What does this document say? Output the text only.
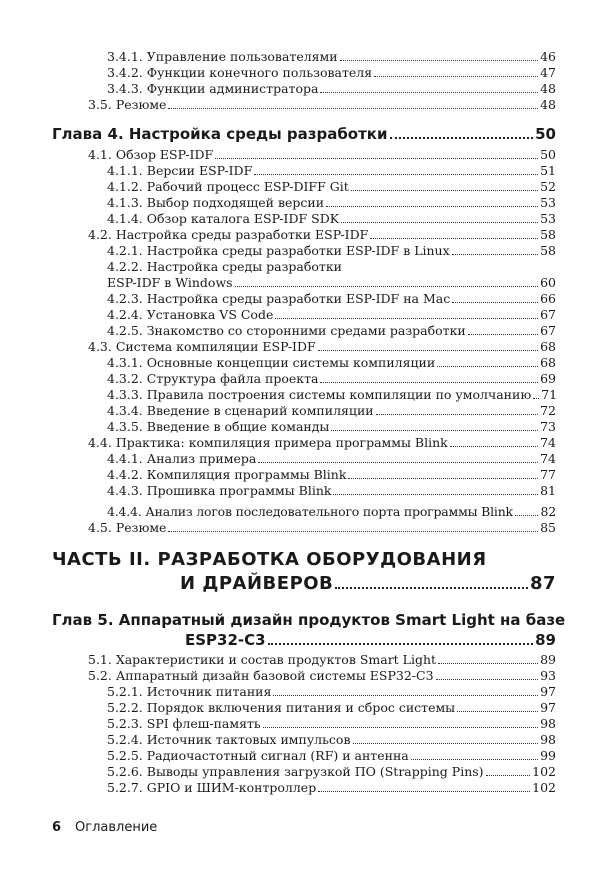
3.4.1. Управление пользователями	46
3.4.2. Функции конечного пользователя	47
3.4.3. Функции администратора	48
3.5. Резюме	48
Глава 4. Настройка среды разработки	50
4.1. Обзор ESP-IDF	50
4.1.1. Версии ESP-IDF	51
4.1.2. Рабочий процесс ESP-DIFF Git	52
4.1.3. Выбор подходящей версии	53
4.1.4. Обзор каталога ESP-IDF SDK	53
4.2. Настройка среды разработки ESP-IDF	58
4.2.1. Настройка среды разработки ESP-IDF в Linux	58
4.2.2. Настройка среды разработки
ESP-IDF в Windows	60
4.2.3. Настройка среды разработки ESP-IDF на Mac	66
4.2.4. Установка VS Code	67
4.2.5. Знакомство со сторонними средами разработки	67
4.3. Система компиляции ESP-IDF	68
4.3.1. Основные концепции системы компиляции	68
4.3.2. Структура файла проекта	69
4.3.3. Правила построения системы компиляции по умолчанию 71
4.3.4. Введение в сценарий компиляции	72
4.3.5. Введение в общие команды	73
4.4. Практика: компиляция примера программы Blink	74
4.4.1. Анализ примера	74
4.4.2. Компиляция программы Blink	77
4.4.3. Прошивка программы Blink	81
4.4.4. Анализ логов последовательного порта программы Blink 82
4.5. Резюме	85
ЧАСТЬ II. РАЗРАБОТКА ОБОРУДОВАНИЯ
И ДРАЙВЕРОВ	87
Глав 5. Аппаратный дизайн продуктов Smart Light на базе
ESP32-C3	89
5.1. Характеристики и состав продуктов Smart Light	89
5.2. Аппаратный дизайн базовой системы ESP32-C3	93
5.2.1. Источник питания	97
5.2.2. Порядок включения питания и сброс системы	97
5.2.3. SPI флеш-память	98
5.2.4. Источник тактовых импульсов	98
5.2.5. Радиочастотный сигнал (RF) и антенна	99
5.2.6. Выводы управления загрузкой ПО (Strapping Pins)	102
5.2.7. GPIO и ШИМ-контроллер	102
6 Оглавление
